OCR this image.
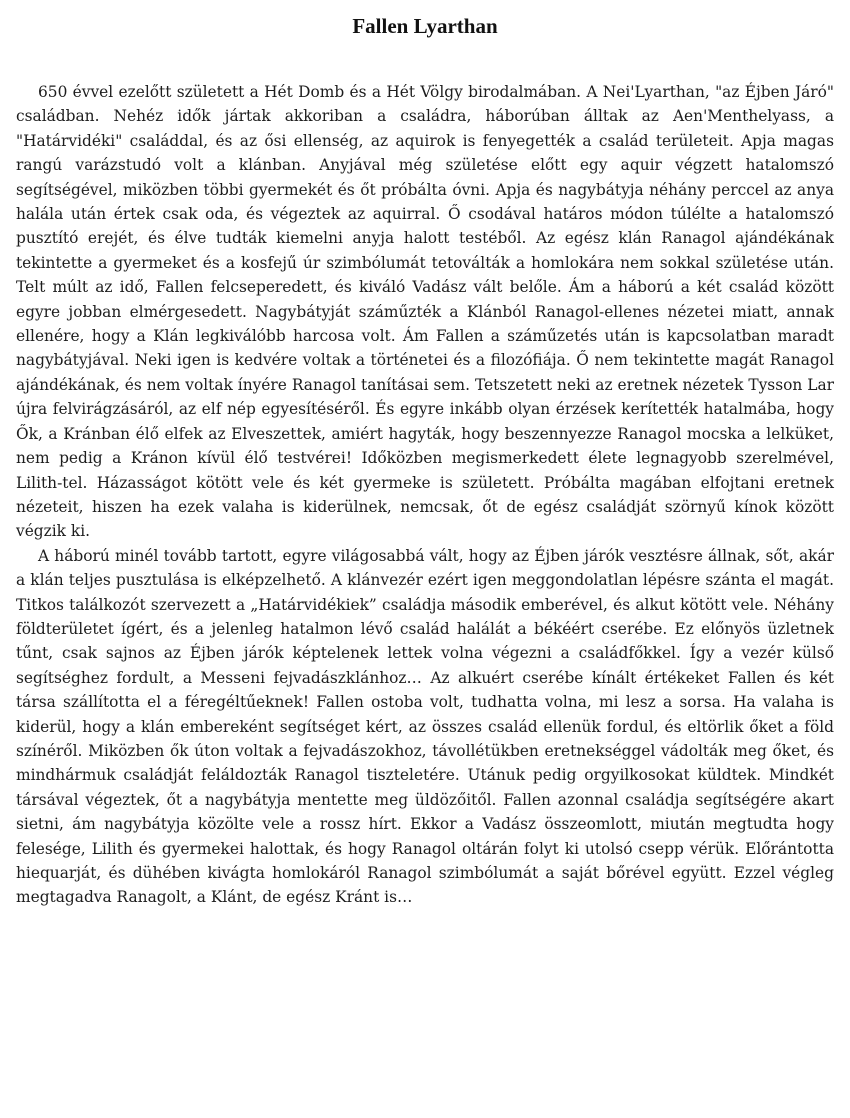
Fallen Lyarthan

650 évvel ezelőtt született a Hét Domb és a Hét Völgy birodalmában. A Nei'Lyarthan, "az Éjben Járó" családban. Nehéz idők jártak akkoriban a családra, háborúban álltak az Aen'Menthelyass, a "Határvidéki" családdal, és az ősi ellenség, az aquirok is fenyegették a család területeit. Apja magas rangú varázstudó volt a klánban. Anyjával még születése előtt egy aquir végzett hatalomszó segítségével, miközben többi gyermekét és őt próbálta óvni. Apja és nagybátyja néhány perccel az anya halála után értek csak oda, és végeztek az aquirral. Ő csodával határos módon túlélte a hatalomszó pusztító erejét, és élve tudták kiemelni anyja halott testéből. Az egész klán Ranagol ajándékának tekintette a gyermeket és a kosfejű úr szimbólumát tetoválták a homlokára nem sokkal születése után. Telt múlt az idő, Fallen felcseperedett, és kiváló Vadász vált belőle. Ám a háború a két család között egyre jobban elmérgesedett. Nagybátyját száműzték a Klánból Ranagol-ellenes nézetei miatt, annak ellenére, hogy a Klán legkiválóbb harcosa volt. Ám Fallen a száműzetés után is kapcsolatban maradt nagybátyjával. Neki igen is kedvére voltak a történetei és a filozófiája. Ő nem tekintette magát Ranagol ajándékának, és nem voltak ínyére Ranagol tanításai sem. Tetszetett neki az eretnek nézetek Tysson Lar újra felvirágzásáról, az elf nép egyesítéséről. És egyre inkább olyan érzések kerítették hatalmába, hogy Ők, a Kránban élő elfek az Elveszettek, amiért hagyták, hogy beszennyezze Ranagol mocska a lelküket, nem pedig a Kránon kívül élő testvérei! Időközben megismerkedett élete legnagyobb szerelmével, Lilith-tel. Házasságot kötött vele és két gyermeke is született. Próbálta magában elfojtani eretnek nézeteit, hiszen ha ezek valaha is kiderülnek, nemcsak, őt de egész családját szörnyű kínok között végzik ki.

A háború minél tovább tartott, egyre világosabbá vált, hogy az Éjben járók vesztésre állnak, sőt, akár a klán teljes pusztulása is elképzelhető. A klánvezér ezért igen meggondolatlan lépésre szánta el magát. Titkos találkozót szervezett a „Határvidékiek” családja második emberével, és alkut kötött vele. Néhány földterületet ígért, és a jelenleg hatalmon lévő család halálát a békéért cserébe. Ez előnyös üzletnek tűnt, csak sajnos az Éjben járók képtelenek lettek volna végezni a családfőkkel. Így a vezér külső segítséghez fordult, a Messeni fejvadászklánhoz… Az alkuért cserébe kínált értékeket Fallen és két társa szállította el a féregéltűeknek! Fallen ostoba volt, tudhatta volna, mi lesz a sorsa. Ha valaha is kiderül, hogy a klán embereként segítséget kért, az összes család ellenük fordul, és eltörlik őket a föld színéről. Miközben ők úton voltak a fejvadászokhoz, távollétükben eretnekséggel vádolták meg őket, és mindhármuk családját feláldozták Ranagol tiszteletére. Utánuk pedig orgyilkosokat küldtek. Mindkét társával végeztek, őt a nagybátyja mentette meg üldözőitől. Fallen azonnal családja segítségére akart sietni, ám nagybátyja közölte vele a rossz hírt. Ekkor a Vadász összeomlott, miután megtudta hogy felesége, Lilith és gyermekei halottak, és hogy Ranagol oltárán folyt ki utolsó csepp vérük. Előrántotta hiequarját, és dühében kivágta homlokáról Ranagol szimbólumát a saját bőrével együtt. Ezzel végleg megtagadva Ranagolt, a Klánt, de egész Kránt is…
